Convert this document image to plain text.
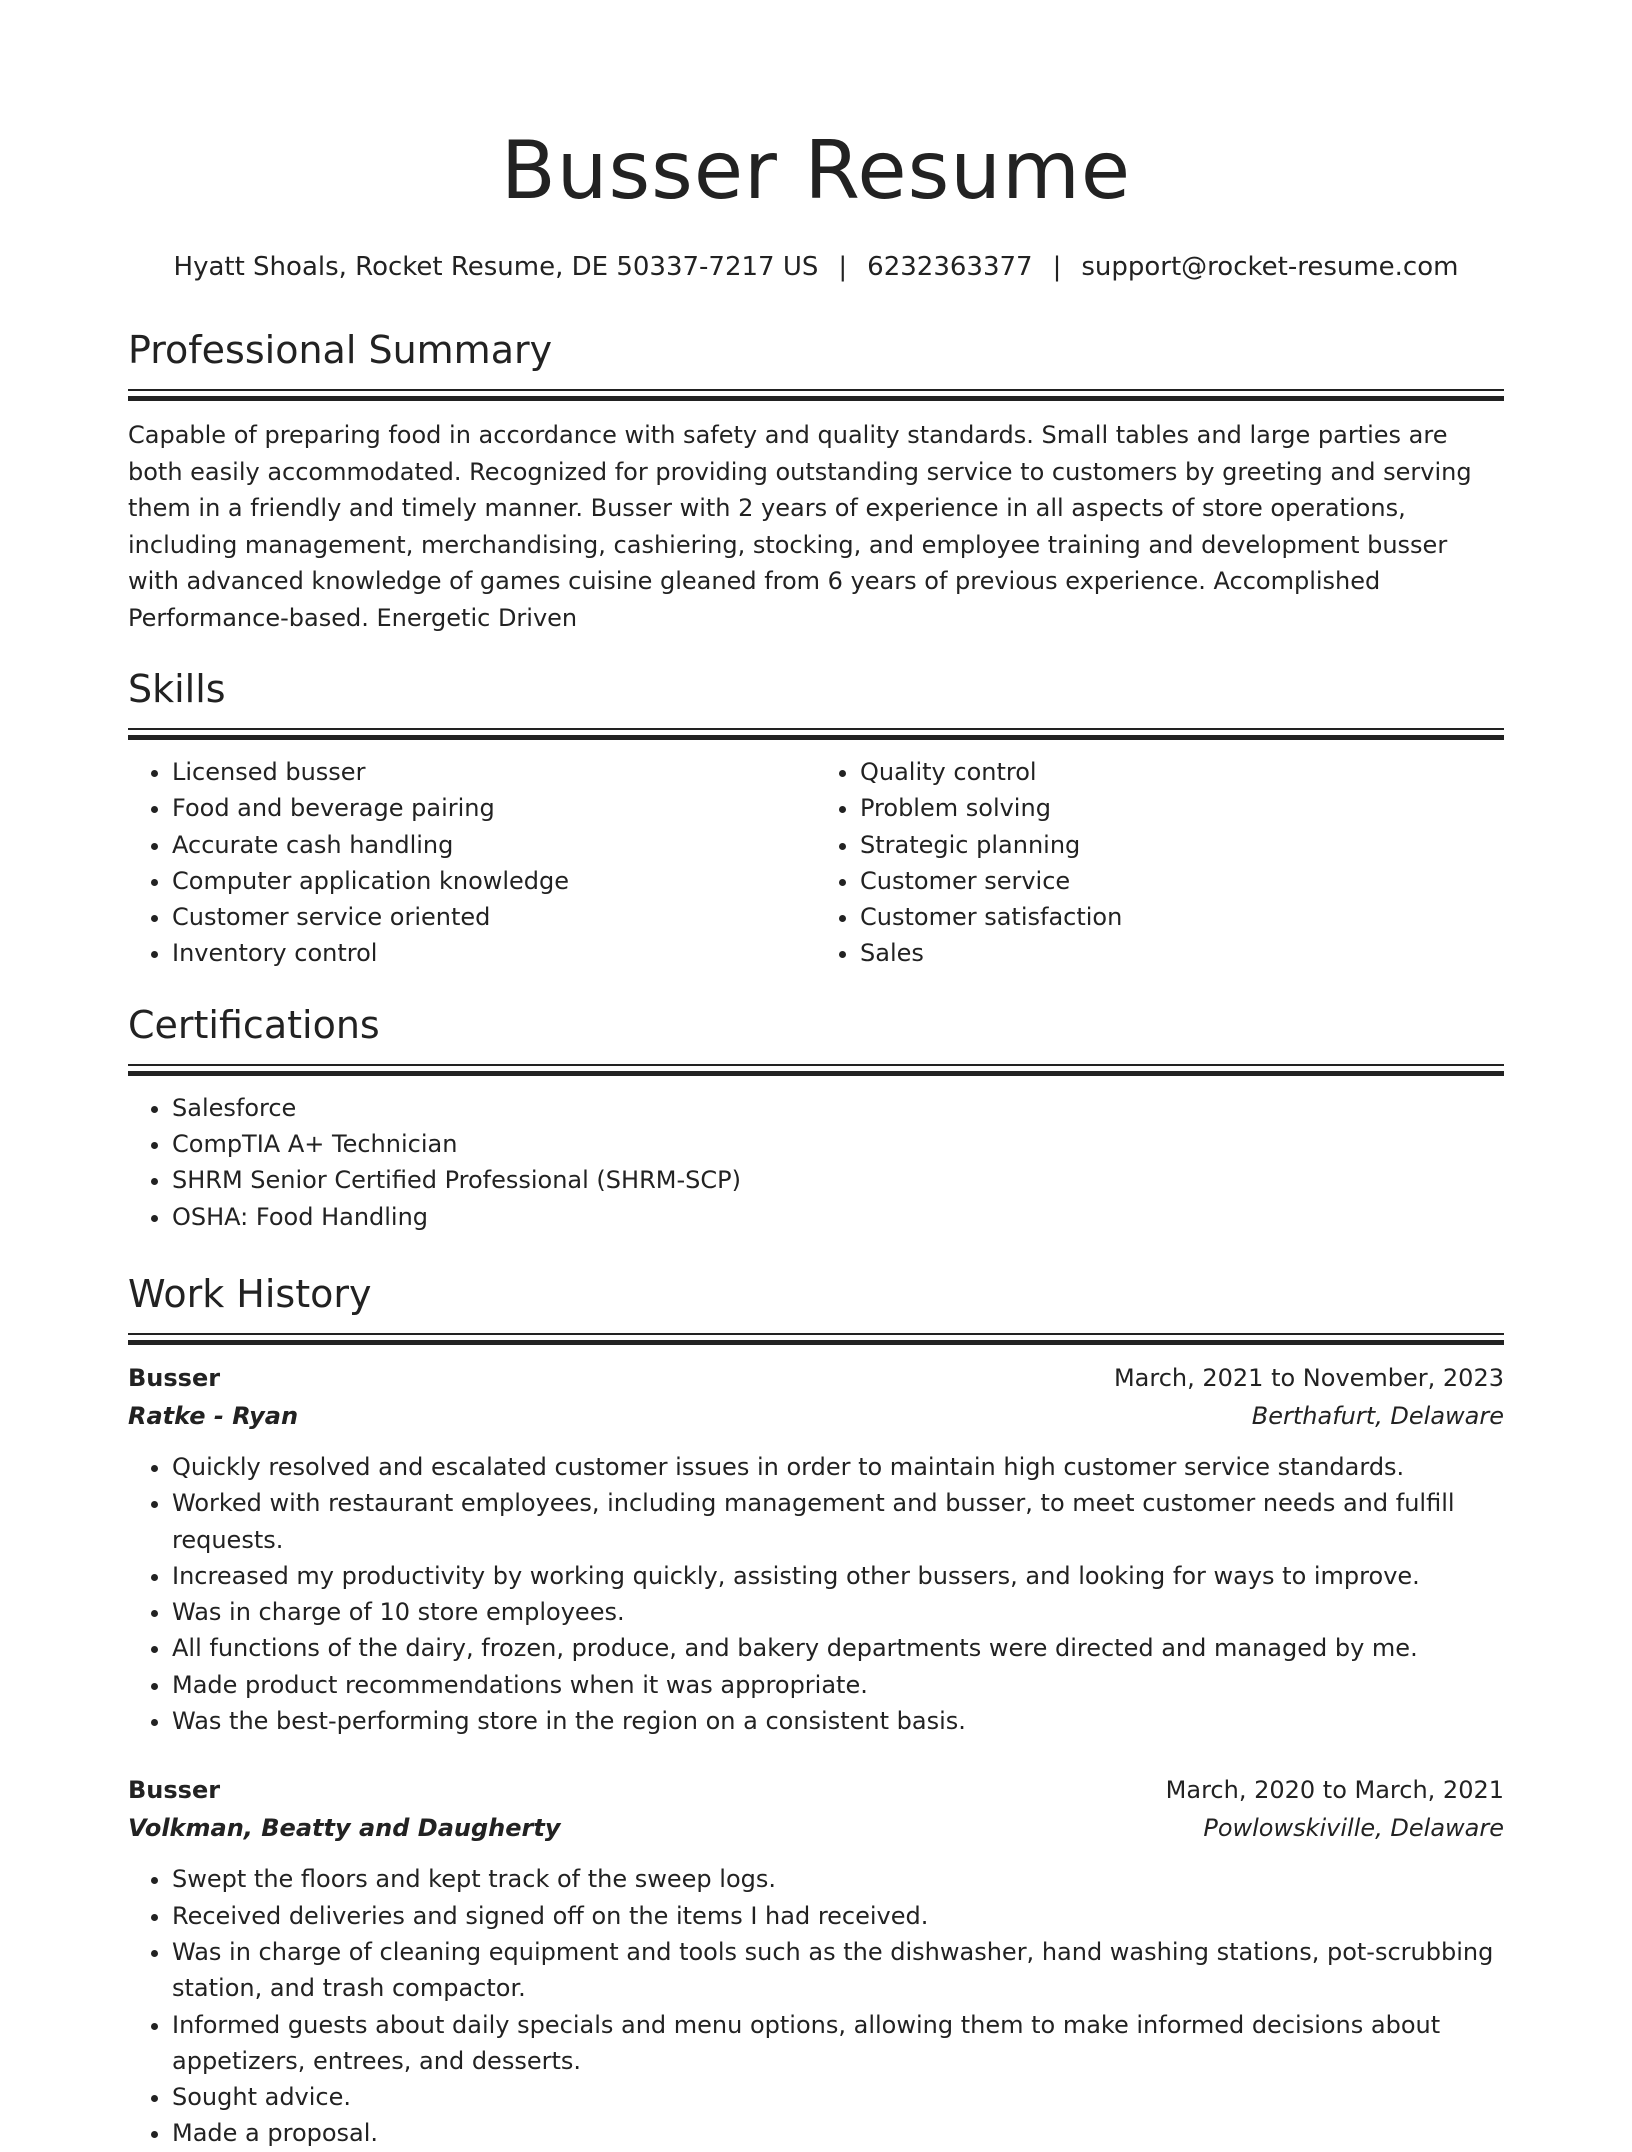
Busser Resume
Hyatt Shoals, Rocket Resume, DE 50337-7217 US | 6232363377 | support@rocket-resume.com
Professional Summary

Capable of preparing food in accordance with safety and quality standards. Small tables and large parties are both easily accommodated. Recognized for providing outstanding service to customers by greeting and serving them in a friendly and timely manner. Busser with 2 years of experience in all aspects of store operations, including management, merchandising, cashiering, stocking, and employee training and development busser with advanced knowledge of games cuisine gleaned from 6 years of previous experience. Accomplished Performance-based. Energetic Driven

Skills
• Licensed busser
• Food and beverage pairing
• Accurate cash handling
• Computer application knowledge
• Customer service oriented
• Inventory control
• Quality control
• Problem solving
• Strategic planning
• Customer service
• Customer satisfaction
• Sales
Certifications
• Salesforce
• CompTIA A+ Technician
• SHRM Senior Certified Professional (SHRM-SCP)
• OSHA: Food Handling
Work History
Busser	March, 2021 to November, 2023
Ratke - Ryan	Berthafurt, Delaware
• Quickly resolved and escalated customer issues in order to maintain high customer service standards.
• Worked with restaurant employees, including management and busser, to meet customer needs and fulfill requests.
• Increased my productivity by working quickly, assisting other bussers, and looking for ways to improve.
• Was in charge of 10 store employees.
• All functions of the dairy, frozen, produce, and bakery departments were directed and managed by me.
• Made product recommendations when it was appropriate.
• Was the best-performing store in the region on a consistent basis.
Busser	March, 2020 to March, 2021
Volkman, Beatty and Daugherty	Powlowskiville, Delaware
• Swept the floors and kept track of the sweep logs.
• Received deliveries and signed off on the items I had received.
• Was in charge of cleaning equipment and tools such as the dishwasher, hand washing stations, pot-scrubbing station, and trash compactor.
• Informed guests about daily specials and menu options, allowing them to make informed decisions about appetizers, entrees, and desserts.
• Sought advice.
• Made a proposal.
